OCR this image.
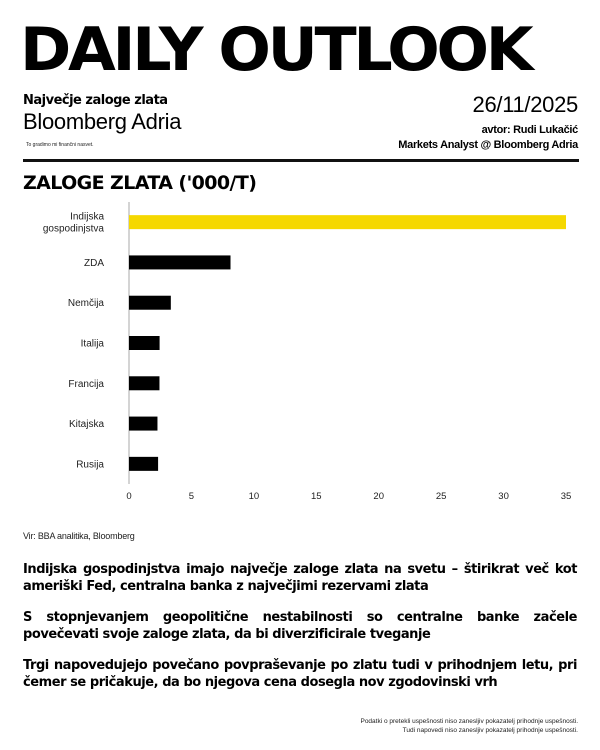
DAILY OUTLOOK
Največje zaloge zlata
Bloomberg Adria
To gradimo mi finančni nasvet.
26/11/2025
avtor: Rudi Lukačić
Markets Analyst @ Bloomberg Adria
ZALOGE ZLATA ('000/T)
Indijska gospodinjstva
ZDA
Nemčija
Italija
Francija
Kitajska
Rusija
0	5	10	15	20	25	30	35
Vir: BBA analitika, Bloomberg

Indijska gospodinjstva imajo največje zaloge zlata na svetu – štirikrat več kot ameriški Fed, centralna banka z največjimi rezervami zlata

S stopnjevanjem geopolitične nestabilnosti so centralne banke začele povečevati svoje zaloge zlata, da bi diverzificirale tveganje

Trgi napovedujejo povečano povpraševanje po zlatu tudi v prihodnjem letu, pri čemer se pričakuje, da bo njegova cena dosegla nov zgodovinski vrh

Podatki o pretekli uspešnosti niso zanesljiv pokazatelj prihodnje uspešnosti.
Tudi napovedi niso zanesljiv pokazatelj prihodnje uspešnosti.
